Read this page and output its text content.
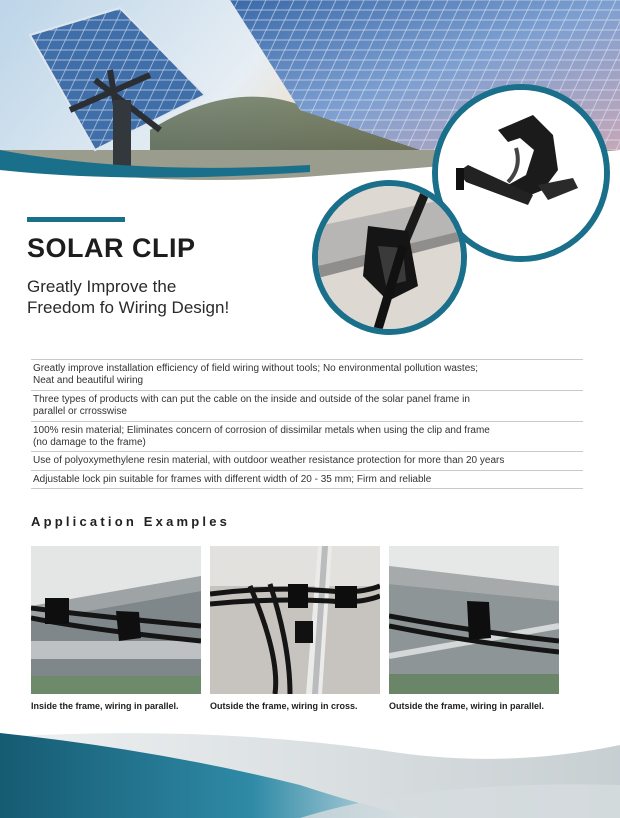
SOLAR CLIP
Greatly Improve the
Freedom fo Wiring Design!
Greatly improve installation efficiency of field wiring without tools; No environmental pollution wastes;
Neat and beautiful wiring
Three types of products with can put the cable on the inside and outside of the solar panel frame in
parallel or crrosswise
100% resin material; Eliminates concern of corrosion of dissimilar metals when using the clip and frame
(no damage to the frame)
Use of polyoxymethylene resin material, with outdoor weather resistance protection for more than 20 years
Adjustable lock pin suitable for frames with different width of 20 - 35 mm; Firm and reliable
Application Examples
Inside the frame, wiring in parallel.	Outside the frame, wiring in cross.	Outside the frame, wiring in parallel.
